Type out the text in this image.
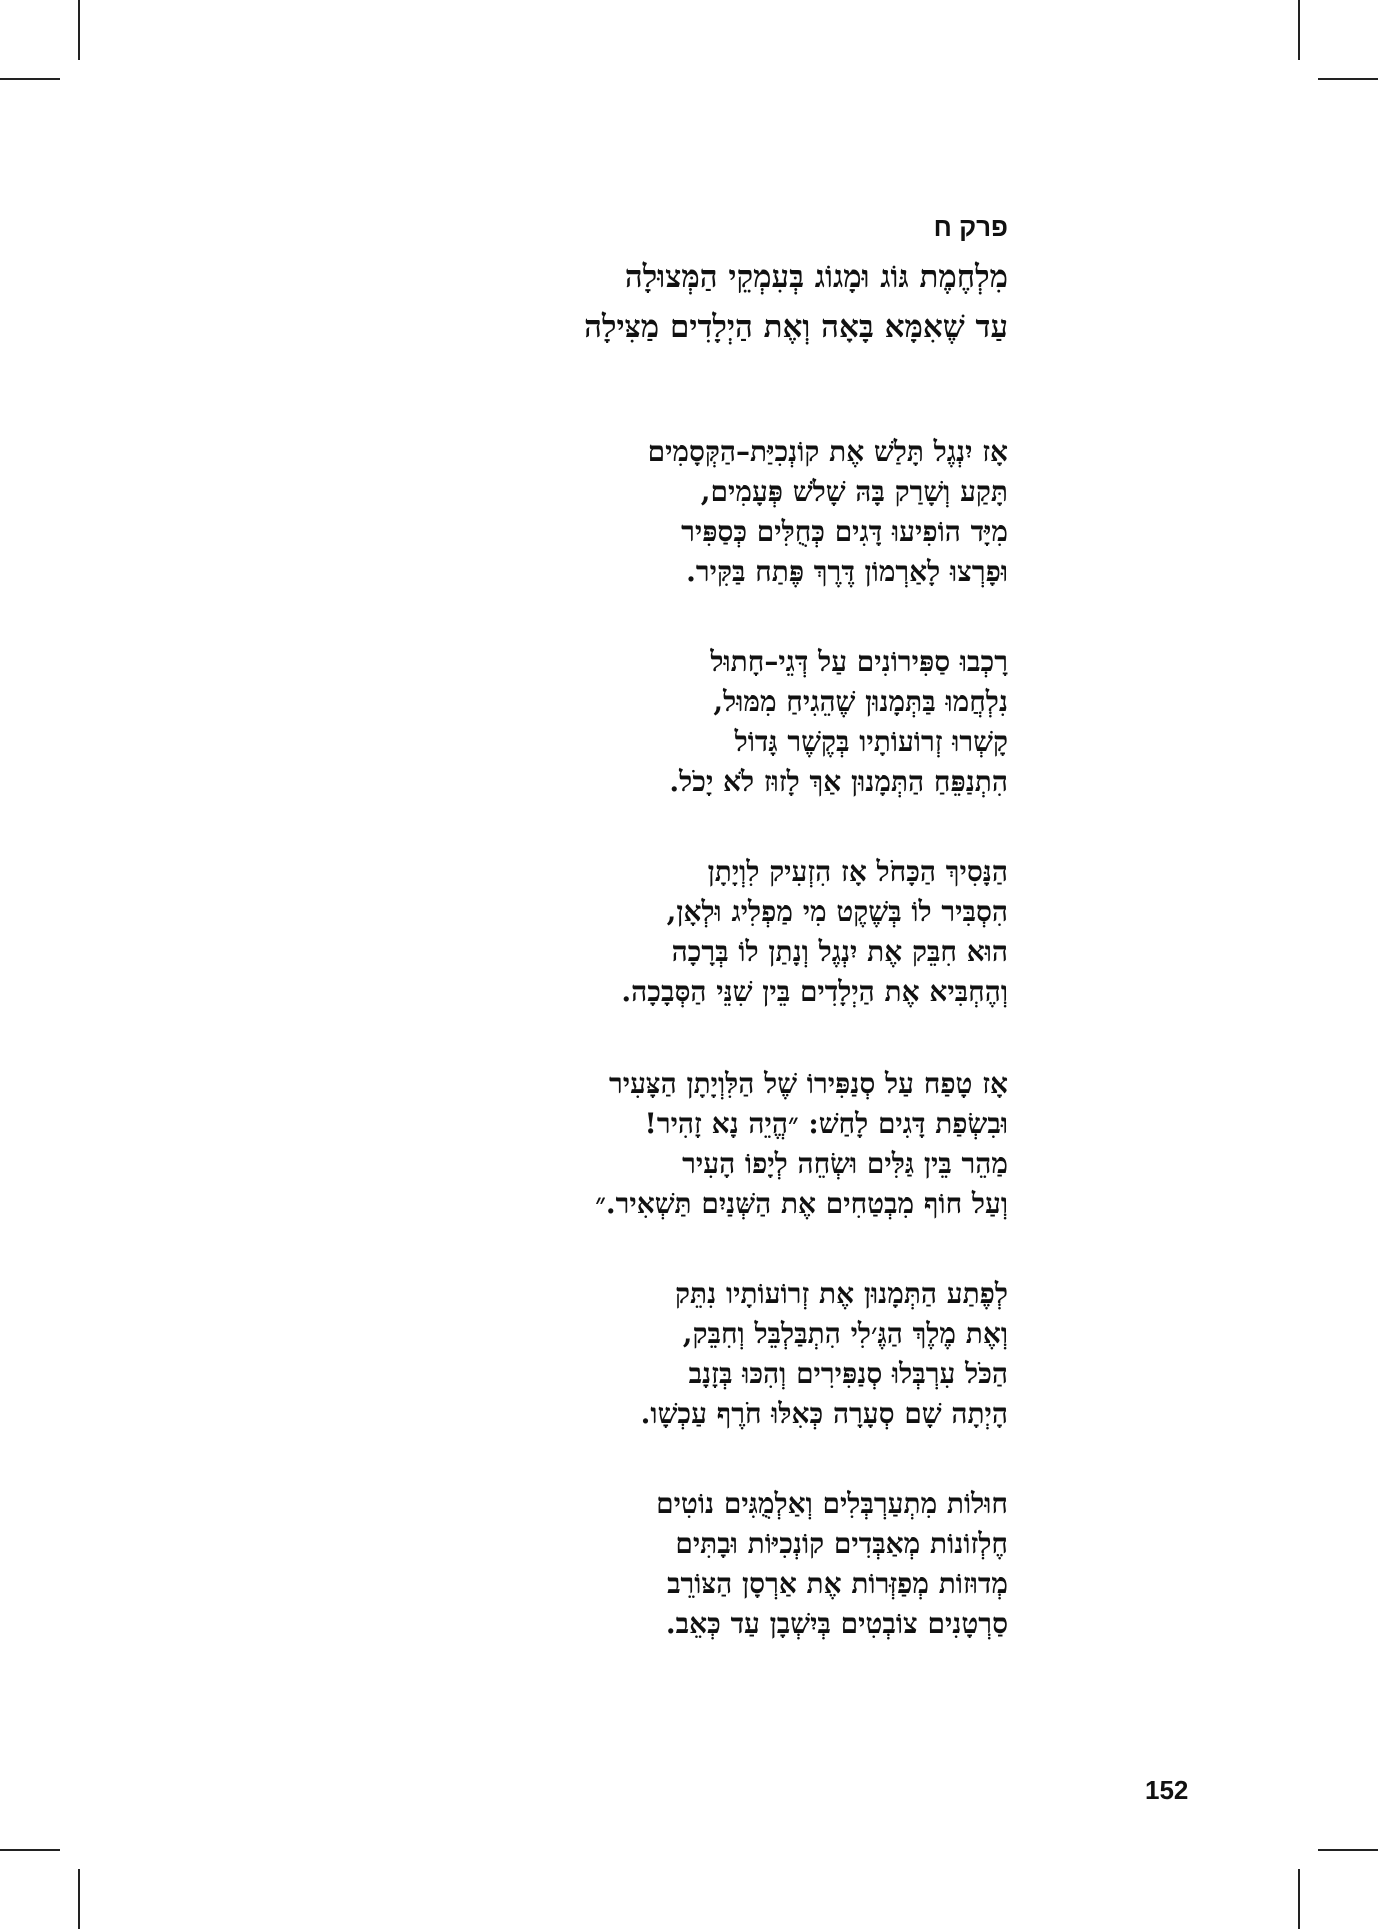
פרק ח
מִלְחֶמֶת גּוֹג וּמָגוֹג בְּעִמְקֵי הַמְּצוּלָה
עַד שֶׁאִמָּא בָּאָה וְאֶת הַיְלָדִים מַצִּילָה
אָז יִנְגֶל תָּלַשׁ אֶת קוֹנְכִיַּת–הַקְּסָמִים
תָּקַע וְשָׁרַק בָּהּ שָׁלֹשׁ פְּעָמִים,
מִיָּד הוֹפִיעוּ דָּגִים כְּחֻלִּים כְּסַפִּיר
וּפָרְצוּ לָאַרְמוֹן דֶּרֶךְ פֶּתַח בַּקִּיר.
רָכְבוּ סַפִּירוֹנִים עַל דְּגֵי–חָתוּל
נִלְחֲמוּ בַּתְּמָנוּן שֶׁהֵגִיחַ מִמּוּל,
קָשְׁרוּ זְרוֹעוֹתָיו בְּקֶשֶׁר גָּדוֹל
הִתְנַפֵּחַ הַתְּמָנוּן אַךְ לָזוּז לֹא יָכֹל.
הַנָּסִיךְ הַכָּחֹל אָז הִזְעִיק לִוְיָתָן
הִסְבִּיר לוֹ בְּשֶׁקֶט מִי מַפְלִיג וּלְאָן,
הוּא חִבֵּק אֶת יִנְגֶל וְנָתַן לוֹ בְּרָכָה
וְהֶחְבִּיא אֶת הַיְלָדִים בֵּין שִׁנֵּי הַסְּבָכָה.
אָז טָפַח עַל סְנַפִּירוֹ שֶׁל הַלִּוְיָתָן הַצָּעִיר
וּבִשְׂפַת דָּגִים לָחַשׁ: ״הֱיֵה נָא זָהִיר!
מַהֵר בֵּין גַּלִּים וּשְׂחֵה לְיָפוֹ הָעִיר
וְעַל חוֹף מִבְטַחִים אֶת הַשְּׁנַיִם תַּשְׁאִיר.״
לְפֶתַע הַתְּמָנוּן אֶת זְרוֹעוֹתָיו נִתֵּק
וְאֶת מֶלֶךְ הַגֶּ׳לִי הִתְבַּלְבֵּל וְחִבֵּק,
הַכֹּל עִרְבְּלוּ סְנַפִּירִים וְהִכּוּ בְּזָנָב
הָיְתָה שָׁם סְעָרָה כְּאִלּוּ חֹרֶף עַכְשָׁו.
חוּלוֹת מִתְעַרְבְּלִים וְאַלְמֻגִּים נוֹטִים
חֶלְזוֹנוֹת מְאַבְּדִים קוֹנְכִיּוֹת וּבָתִּים
מְדוּזוֹת מְפַזְּרוֹת אֶת אַרְסָן הַצּוֹרֵב
סַרְטָנִים צוֹבְטִים בְּיִשְׁבָן עַד כְּאֵב.
152
